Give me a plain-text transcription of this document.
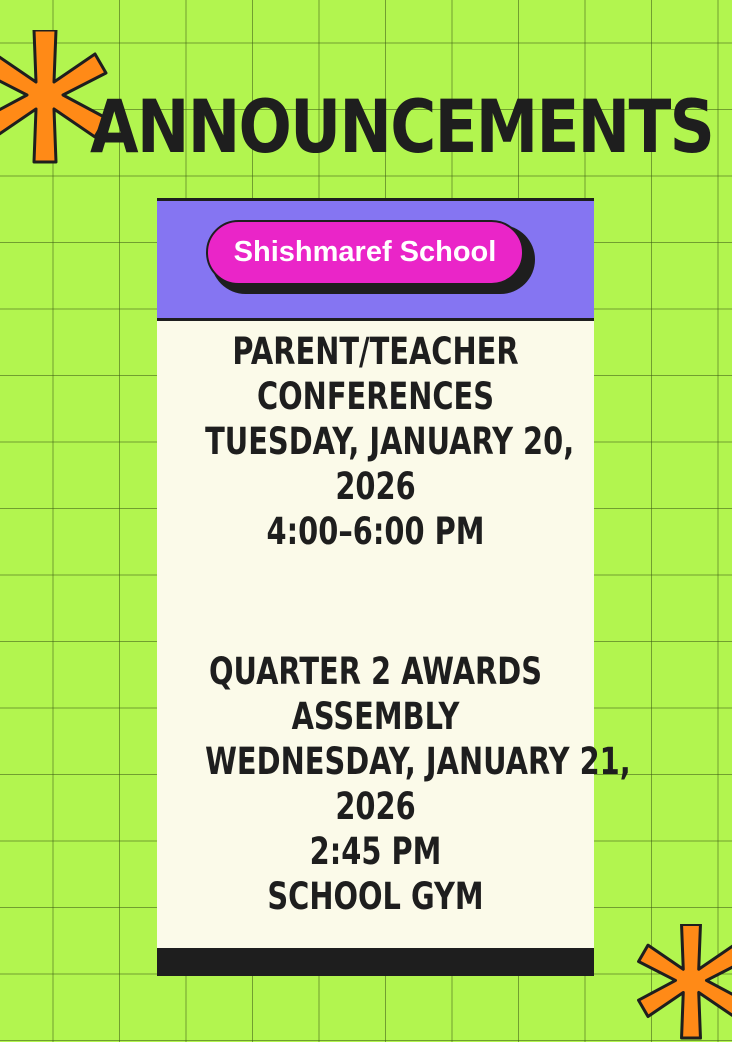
ANNOUNCEMENTS
Shishmaref School
PARENT/TEACHER
CONFERENCES
TUESDAY, JANUARY 20,
2026
4:00–6:00 PM
QUARTER 2 AWARDS
ASSEMBLY
WEDNESDAY, JANUARY 21,
2026
2:45 PM
SCHOOL GYM
